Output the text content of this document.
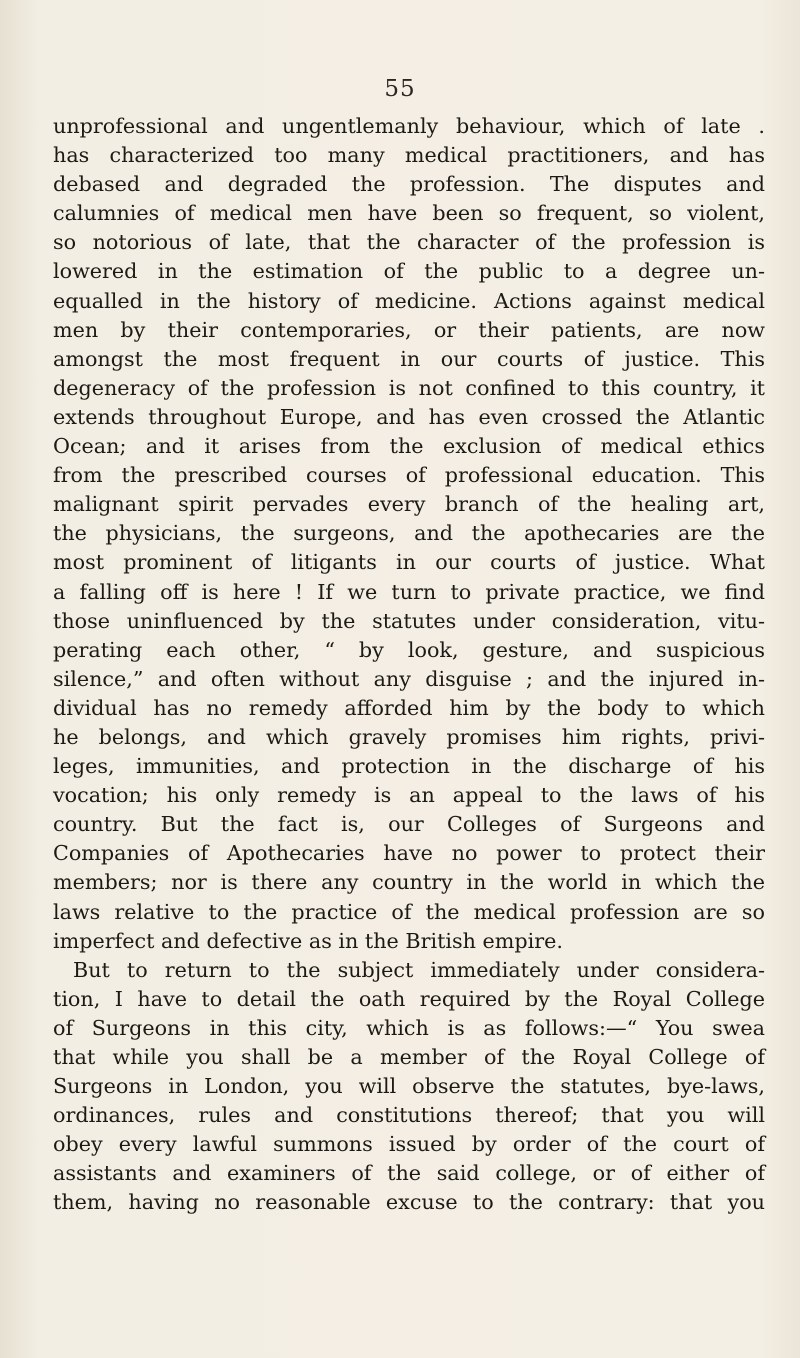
55
unprofessional and ungentlemanly behaviour, which of late .
has characterized too many medical practitioners, and has
debased and degraded the profession. The disputes and
calumnies of medical men have been so frequent, so violent,
so notorious of late, that the character of the profession is
lowered in the estimation of the public to a degree un-
equalled in the history of medicine. Actions against medical
men by their contemporaries, or their patients, are now
amongst the most frequent in our courts of justice. This
degeneracy of the profession is not confined to this country, it
extends throughout Europe, and has even crossed the Atlantic
Ocean; and it arises from the exclusion of medical ethics
from the prescribed courses of professional education. This
malignant spirit pervades every branch of the healing art,
the physicians, the surgeons, and the apothecaries are the
most prominent of litigants in our courts of justice. What
a falling off is here ! If we turn to private practice, we find
those uninfluenced by the statutes under consideration, vitu-
perating each other, “ by look, gesture, and suspicious
silence,” and often without any disguise ; and the injured in-
dividual has no remedy afforded him by the body to which
he belongs, and which gravely promises him rights, privi-
leges, immunities, and protection in the discharge of his
vocation; his only remedy is an appeal to the laws of his
country. But the fact is, our Colleges of Surgeons and
Companies of Apothecaries have no power to protect their
members; nor is there any country in the world in which the
laws relative to the practice of the medical profession are so
imperfect and defective as in the British empire.
But to return to the subject immediately under considera-
tion, I have to detail the oath required by the Royal College
of Surgeons in this city, which is as follows:—“ You swea
that while you shall be a member of the Royal College of
Surgeons in London, you will observe the statutes, bye-laws,
ordinances, rules and constitutions thereof; that you will
obey every lawful summons issued by order of the court of
assistants and examiners of the said college, or of either of
them, having no reasonable excuse to the contrary: that you
